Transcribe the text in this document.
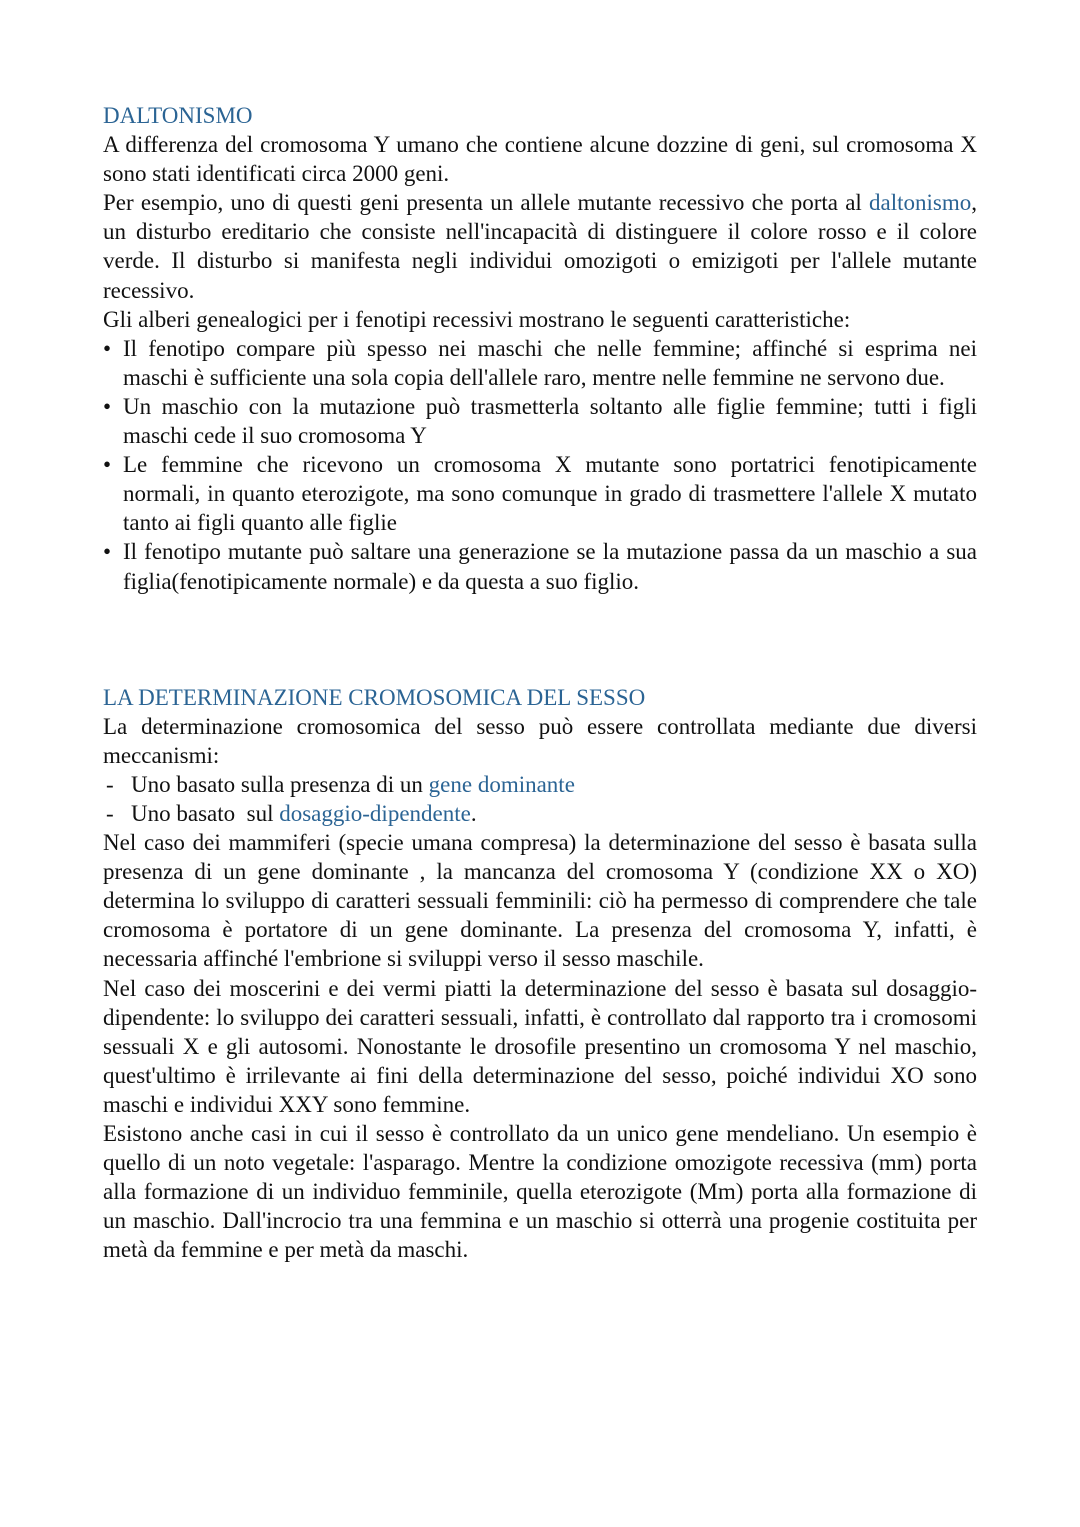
DALTONISMO

A differenza del cromosoma Y umano che contiene alcune dozzine di geni, sul cromosoma X sono stati identificati circa 2000 geni.

Per esempio, uno di questi geni presenta un allele mutante recessivo che porta al daltonismo, un disturbo ereditario che consiste nell'incapacità di distinguere il colore rosso e il colore verde. Il disturbo si manifesta negli individui omozigoti o emizigoti per l'allele mutante recessivo.

Gli alberi genealogici per i fenotipi recessivi mostrano le seguenti caratteristiche:

• Il fenotipo compare più spesso nei maschi che nelle femmine; affinché si esprima nei maschi è sufficiente una sola copia dell'allele raro, mentre nelle femmine ne servono due.
• Un maschio con la mutazione può trasmetterla soltanto alle figlie femmine; tutti i figli maschi cede il suo cromosoma Y
• Le femmine che ricevono un cromosoma X mutante sono portatrici fenotipicamente normali, in quanto eterozigote, ma sono comunque in grado di trasmettere l'allele X mutato tanto ai figli quanto alle figlie
• Il fenotipo mutante può saltare una generazione se la mutazione passa da un maschio a sua figlia(fenotipicamente normale) e da questa a suo figlio.
LA DETERMINAZIONE CROMOSOMICA DEL SESSO

La determinazione cromosomica del sesso può essere controllata mediante due diversi meccanismi:

- Uno basato sulla presenza di un gene dominante
- Uno basato  sul dosaggio-dipendente.

Nel caso dei mammiferi (specie umana compresa) la determinazione del sesso è basata sulla presenza di un gene dominante , la mancanza del cromosoma Y (condizione XX o XO) determina lo sviluppo di caratteri sessuali femminili: ciò ha permesso di comprendere che tale cromosoma è portatore di un gene dominante. La presenza del cromosoma Y, infatti, è necessaria affinché l'embrione si sviluppi verso il sesso maschile.

Nel caso dei moscerini e dei vermi piatti la determinazione del sesso è basata sul dosaggio-dipendente: lo sviluppo dei caratteri sessuali, infatti, è controllato dal rapporto tra i cromosomi sessuali X e gli autosomi. Nonostante le drosofile presentino un cromosoma Y nel maschio, quest'ultimo è irrilevante ai fini della determinazione del sesso, poiché individui XO sono maschi e individui XXY sono femmine.

Esistono anche casi in cui il sesso è controllato da un unico gene mendeliano. Un esempio è quello di un noto vegetale: l'asparago. Mentre la condizione omozigote recessiva (mm) porta alla formazione di un individuo femminile, quella eterozigote (Mm) porta alla formazione di un maschio. Dall'incrocio tra una femmina e un maschio si otterrà una progenie costituita per metà da femmine e per metà da maschi.
